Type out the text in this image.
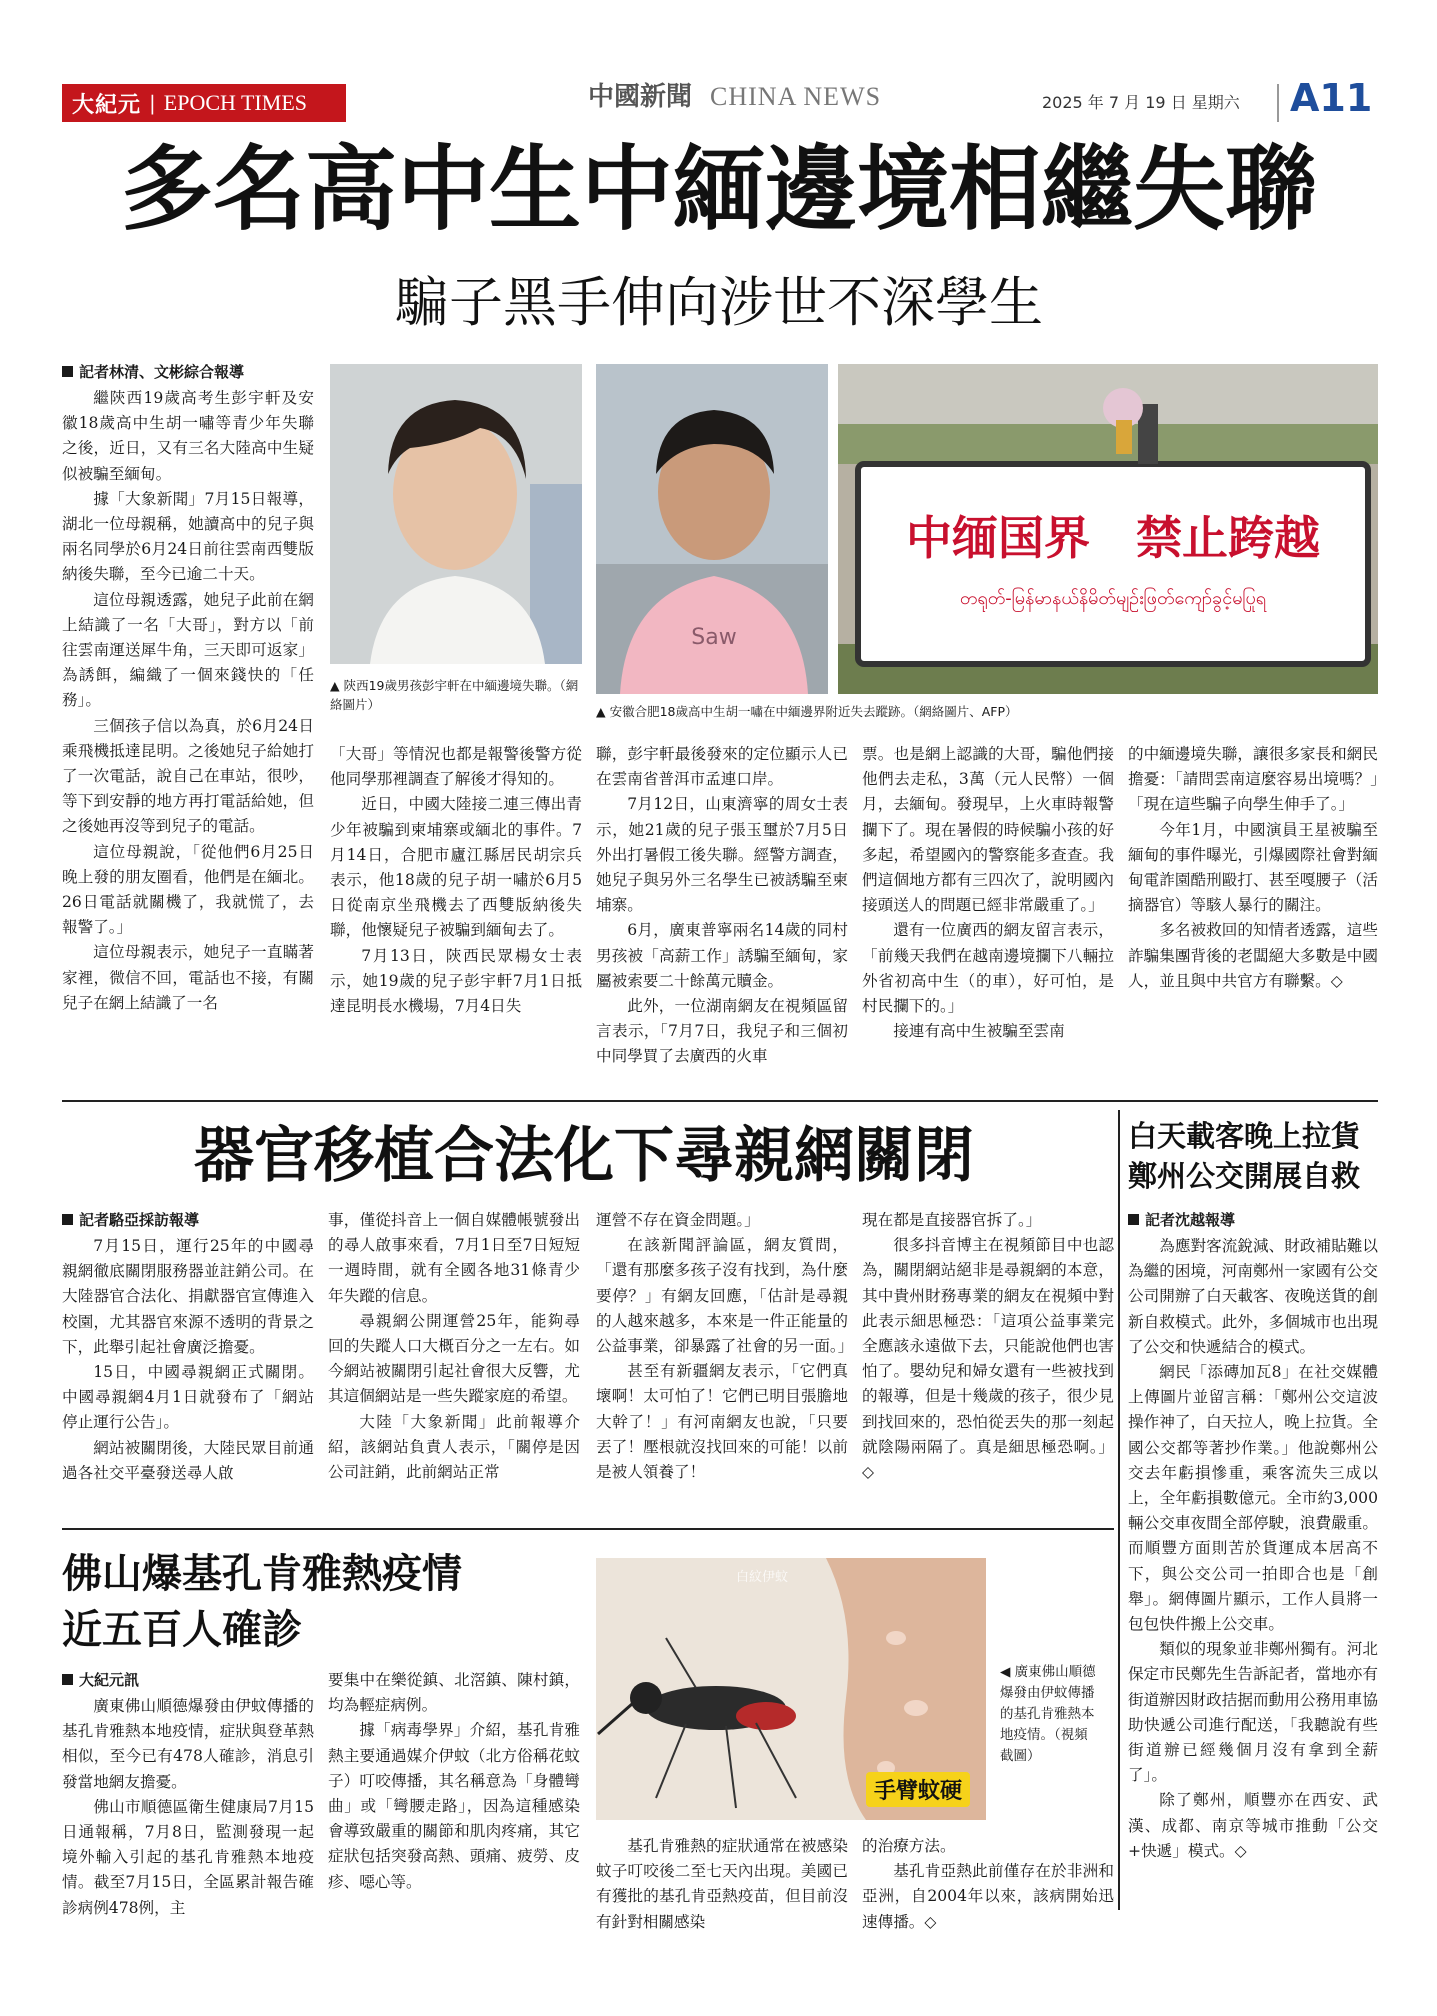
大紀元 | EPOCH TIMES	中國新聞 CHINA NEWS	2025 年 7 月 19 日 星期六 A11
多名高中生中緬邊境相繼失聯
騙子黑手伸向涉世不深學生
記者林清、文彬綜合報導

繼陝西19歲高考生彭宇軒及安徽18歲高中生胡一嘯等青少年失聯之後，近日，又有三名大陸高中生疑似被騙至緬甸。

據「大象新聞」7月15日報導，湖北一位母親稱，她讀高中的兒子與兩名同學於6月24日前往雲南西雙版納後失聯，至今已逾二十天。

這位母親透露，她兒子此前在網上結識了一名「大哥」，對方以「前往雲南運送犀牛角，三天即可返家」為誘餌，編織了一個來錢快的「任務」。

三個孩子信以為真，於6月24日乘飛機抵達昆明。之後她兒子給她打了一次電話，說自己在車站，很吵，等下到安靜的地方再打電話給她，但之後她再沒等到兒子的電話。

這位母親說，「從他們6月25日晚上發的朋友圈看，他們是在緬北。26日電話就關機了，我就慌了，去報警了。」

這位母親表示，她兒子一直瞞著家裡，微信不回，電話也不接，有關兒子在網上結識了一名

▲ 陝西19歲男孩彭宇軒在中緬邊境失聯。（網絡圖片）
Saw
中缅国界　禁止跨越
တရုတ်-မြန်မာနယ်နိမိတ်မျဉ်းဖြတ်ကျော်ခွင့်မပြုရ
▲ 安徽合肥18歲高中生胡一嘯在中緬邊界附近失去蹤跡。（網絡圖片、AFP）

「大哥」等情況也都是報警後警方從他同學那裡調查了解後才得知的。

近日，中國大陸接二連三傳出青少年被騙到柬埔寨或緬北的事件。7月14日，合肥市廬江縣居民胡宗兵表示，他18歲的兒子胡一嘯於6月5日從南京坐飛機去了西雙版納後失聯，他懷疑兒子被騙到緬甸去了。

7月13日，陝西民眾楊女士表示，她19歲的兒子彭宇軒7月1日抵達昆明長水機場，7月4日失

聯，彭宇軒最後發來的定位顯示人已在雲南省普洱市孟連口岸。

7月12日，山東濟寧的周女士表示，她21歲的兒子張玉璽於7月5日外出打暑假工後失聯。經警方調查，她兒子與另外三名學生已被誘騙至柬埔寨。

6月，廣東普寧兩名14歲的同村男孩被「高薪工作」誘騙至緬甸，家屬被索要二十餘萬元贖金。

此外，一位湖南網友在視頻區留言表示，「7月7日，我兒子和三個初中同學買了去廣西的火車

票。也是網上認識的大哥，騙他們接他們去走私，3萬（元人民幣）一個月，去緬甸。發現早，上火車時報警攔下了。現在暑假的時候騙小孩的好多起，希望國內的警察能多查查。我們這個地方都有三四次了，說明國內接頭送人的問題已經非常嚴重了。」

還有一位廣西的網友留言表示，「前幾天我們在越南邊境攔下八輛拉外省初高中生（的車），好可怕，是村民攔下的。」

接連有高中生被騙至雲南

的中緬邊境失聯，讓很多家長和網民擔憂：「請問雲南這麼容易出境嗎？」「現在這些騙子向學生伸手了。」

今年1月，中國演員王星被騙至緬甸的事件曝光，引爆國際社會對緬甸電詐園酷刑毆打、甚至嘎腰子（活摘器官）等駭人暴行的關注。

多名被救回的知情者透露，這些詐騙集團背後的老闆絕大多數是中國人，並且與中共官方有聯繫。◇

器官移植合法化下尋親網關閉
記者駱亞採訪報導

7月15日，運行25年的中國尋親網徹底關閉服務器並註銷公司。在大陸器官合法化、捐獻器官宣傳進入校園，尤其器官來源不透明的背景之下，此舉引起社會廣泛擔憂。

15日，中國尋親網正式關閉。中國尋親網4月1日就發布了「網站停止運行公告」。

網站被關閉後，大陸民眾目前通過各社交平臺發送尋人啟

事，僅從抖音上一個自媒體帳號發出的尋人啟事來看，7月1日至7日短短一週時間，就有全國各地31條青少年失蹤的信息。

尋親網公開運營25年，能夠尋回的失蹤人口大概百分之一左右。如今網站被關閉引起社會很大反響，尤其這個網站是一些失蹤家庭的希望。

大陸「大象新聞」此前報導介紹，該網站負責人表示，「關停是因公司註銷，此前網站正常

運營不存在資金問題。」

在該新聞評論區，網友質問，「還有那麼多孩子沒有找到，為什麼要停？」有網友回應，「估計是尋親的人越來越多，本來是一件正能量的公益事業，卻暴露了社會的另一面。」

甚至有新疆網友表示，「它們真壞啊！太可怕了！它們已明目張膽地大幹了！」有河南網友也說，「只要丟了！壓根就沒找回來的可能！以前是被人領養了！

現在都是直接器官拆了。」

很多抖音博主在視頻節目中也認為，關閉網站絕非是尋親網的本意，其中貴州財務專業的網友在視頻中對此表示細思極恐：「這項公益事業完全應該永遠做下去，只能說他們也害怕了。嬰幼兒和婦女還有一些被找到的報導，但是十幾歲的孩子，很少見到找回來的，恐怕從丟失的那一刻起就陰陽兩隔了。真是細思極恐啊。」◇

白天載客晚上拉貨
鄭州公交開展自救
記者沈越報導

為應對客流銳減、財政補貼難以為繼的困境，河南鄭州一家國有公交公司開辦了白天載客、夜晚送貨的創新自救模式。此外，多個城市也出現了公交和快遞結合的模式。

網民「添磚加瓦8」在社交媒體上傳圖片並留言稱：「鄭州公交這波操作神了，白天拉人，晚上拉貨。全國公交都等著抄作業。」他說鄭州公交去年虧損慘重，乘客流失三成以上，全年虧損數億元。全市約3,000輛公交車夜間全部停駛，浪費嚴重。而順豐方面則苦於貨運成本居高不下，與公交公司一拍即合也是「創舉」。網傳圖片顯示，工作人員將一包包快件搬上公交車。

類似的現象並非鄭州獨有。河北保定市民鄭先生告訴記者，當地亦有街道辦因財政拮据而動用公務用車協助快遞公司進行配送，「我聽說有些街道辦已經幾個月沒有拿到全薪了」。

除了鄭州，順豐亦在西安、武漢、成都、南京等城市推動「公交+快遞」模式。◇

佛山爆基孔肯雅熱疫情
近五百人確診
大紀元訊

廣東佛山順德爆發由伊蚊傳播的基孔肯雅熱本地疫情，症狀與登革熱相似，至今已有478人確診，消息引發當地網友擔憂。

佛山市順德區衛生健康局7月15日通報稱，7月8日，監測發現一起境外輸入引起的基孔肯雅熱本地疫情。截至7月15日，全區累計報告確診病例478例，主

要集中在樂從鎮、北滘鎮、陳村鎮，均為輕症病例。

據「病毒學界」介紹，基孔肯雅熱主要通過媒介伊蚊（北方俗稱花蚊子）叮咬傳播，其名稱意為「身體彎曲」或「彎腰走路」，因為這種感染會導致嚴重的關節和肌肉疼痛，其它症狀包括突發高熱、頭痛、疲勞、皮疹、噁心等。

白紋伊蚊
手臂蚊硬
◀ 廣東佛山順德爆發由伊蚊傳播的基孔肯雅熱本地疫情。（視頻截圖）

基孔肯雅熱的症狀通常在被感染蚊子叮咬後二至七天內出現。美國已有獲批的基孔肯亞熱疫苗，但目前沒有針對相關感染

的治療方法。

基孔肯亞熱此前僅存在於非洲和亞洲，自2004年以來，該病開始迅速傳播。◇
